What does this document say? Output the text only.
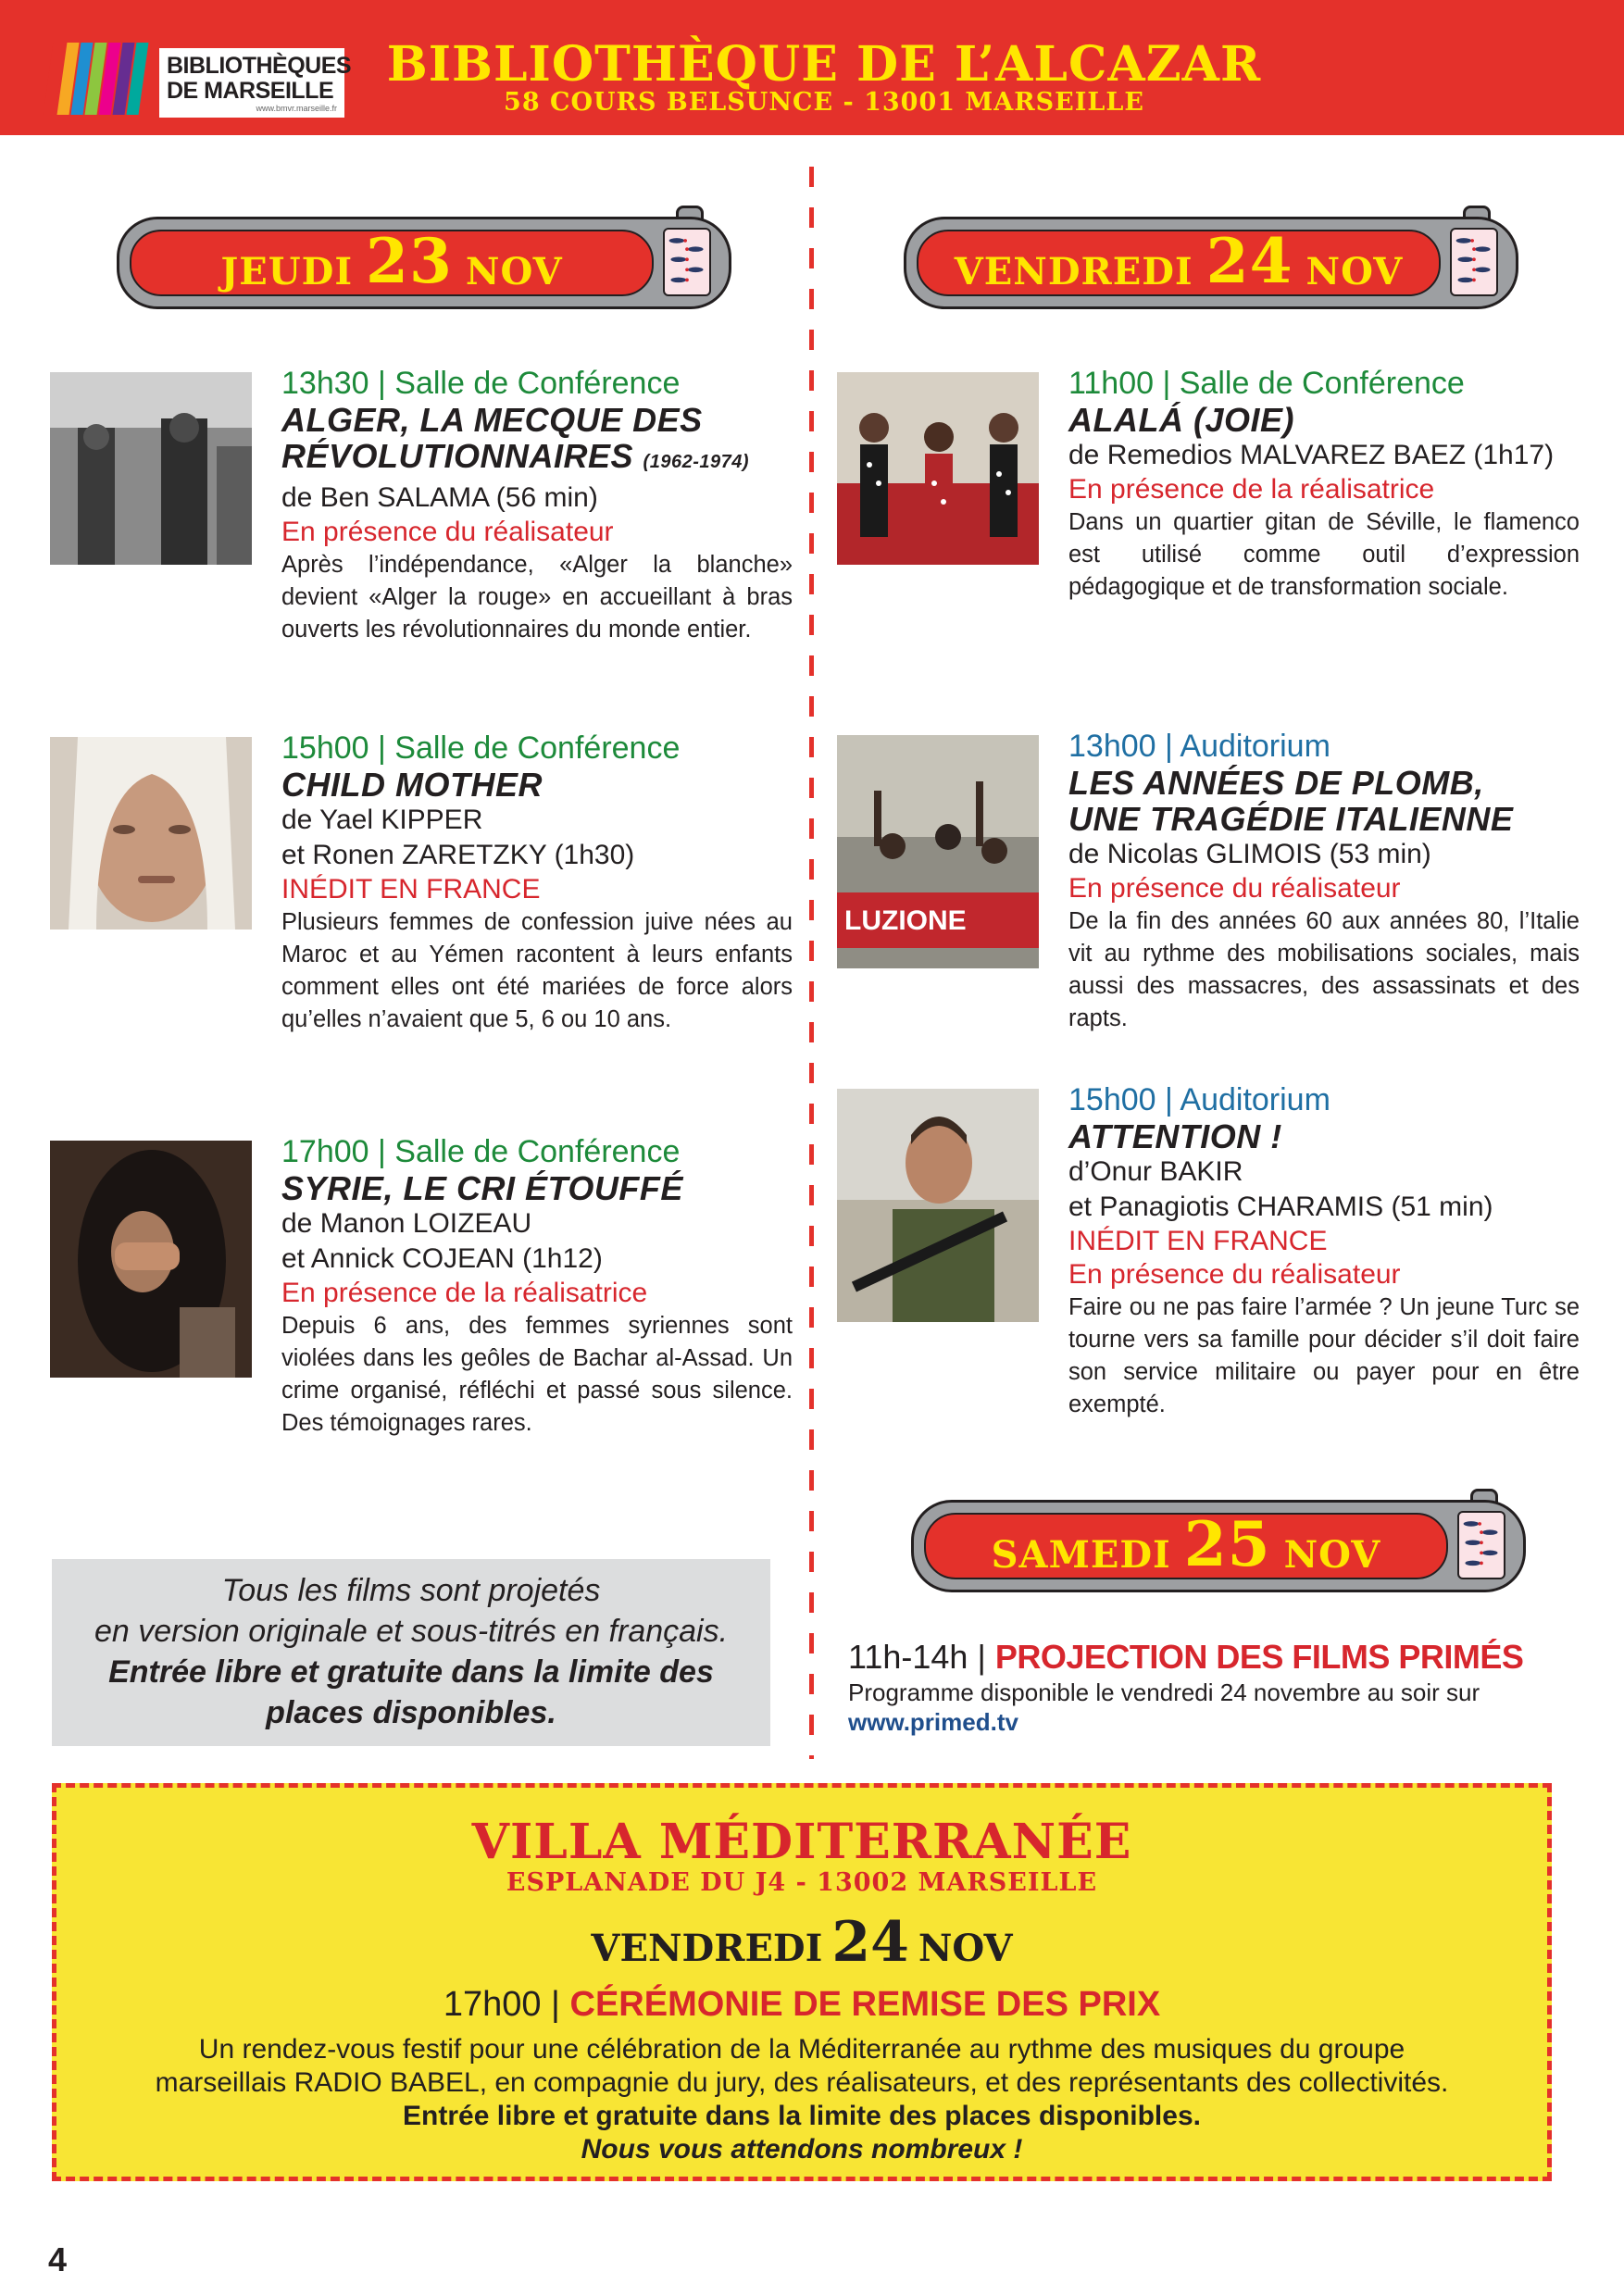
BIBLIOTHÈQUES
DE MARSEILLE
www.bmvr.marseille.fr
BIBLIOTHÈQUE DE L’ALCAZAR
58 COURS BELSUNCE - 13001 MARSEILLE
JEUDI 23 NOV	VENDREDI 24 NOV
13h30 | Salle de Conférence
ALGER, LA MECQUE DES RÉVOLUTIONNAIRES (1962-1974)
de Ben SALAMA (56 min)
En présence du réalisateur
Après l’indépendance, «Alger la blanche» devient «Alger la rouge» en accueillant à bras ouverts les révolutionnaires du monde entier.
15h00 | Salle de Conférence
CHILD MOTHER
de Yael KIPPER
et Ronen ZARETZKY (1h30)
INÉDIT EN FRANCE
Plusieurs femmes de confession juive nées au Maroc et au Yémen racontent à leurs enfants comment elles ont été mariées de force alors qu’elles n’avaient que 5, 6 ou 10 ans.
17h00 | Salle de Conférence
SYRIE, LE CRI ÉTOUFFÉ
de Manon LOIZEAU
et Annick COJEAN (1h12)
En présence de la réalisatrice
Depuis 6 ans, des femmes syriennes sont violées dans les geôles de Bachar al-Assad. Un crime organisé, réfléchi et passé sous silence. Des témoignages rares.
11h00 | Salle de Conférence
ALALÁ (JOIE)
de Remedios MALVAREZ BAEZ (1h17)
En présence de la réalisatrice
Dans un quartier gitan de Séville, le flamenco est utilisé comme outil d’expression pédagogique et de transformation sociale.
LUZIONE
13h00 | Auditorium
LES ANNÉES DE PLOMB,
UNE TRAGÉDIE ITALIENNE
de Nicolas GLIMOIS (53 min)
En présence du réalisateur
De la fin des années 60 aux années 80, l’Italie vit au rythme des mobilisations sociales, mais aussi des massacres, des assassinats et des rapts.
15h00 | Auditorium
ATTENTION !
d’Onur BAKIR
et Panagiotis CHARAMIS (51 min)
INÉDIT EN FRANCE
En présence du réalisateur
Faire ou ne pas faire l’armée ? Un jeune Turc se tourne vers sa famille pour décider s’il doit faire son service militaire ou payer pour en être exempté.
Tous les films sont projetés
en version originale et sous-titrés en français.
Entrée libre et gratuite dans la limite des
places disponibles.
SAMEDI 25 NOV
11h-14h | PROJECTION DES FILMS PRIMÉS
Programme disponible le vendredi 24 novembre au soir sur
www.primed.tv
VILLA MÉDITERRANÉE
ESPLANADE DU J4 - 13002 MARSEILLE
VENDREDI 24 NOV
17h00 | CÉRÉMONIE DE REMISE DES PRIX
Un rendez-vous festif pour une célébration de la Méditerranée au rythme des musiques du groupe
marseillais RADIO BABEL, en compagnie du jury, des réalisateurs, et des représentants des collectivités.
Entrée libre et gratuite dans la limite des places disponibles.
Nous vous attendons nombreux !
4
